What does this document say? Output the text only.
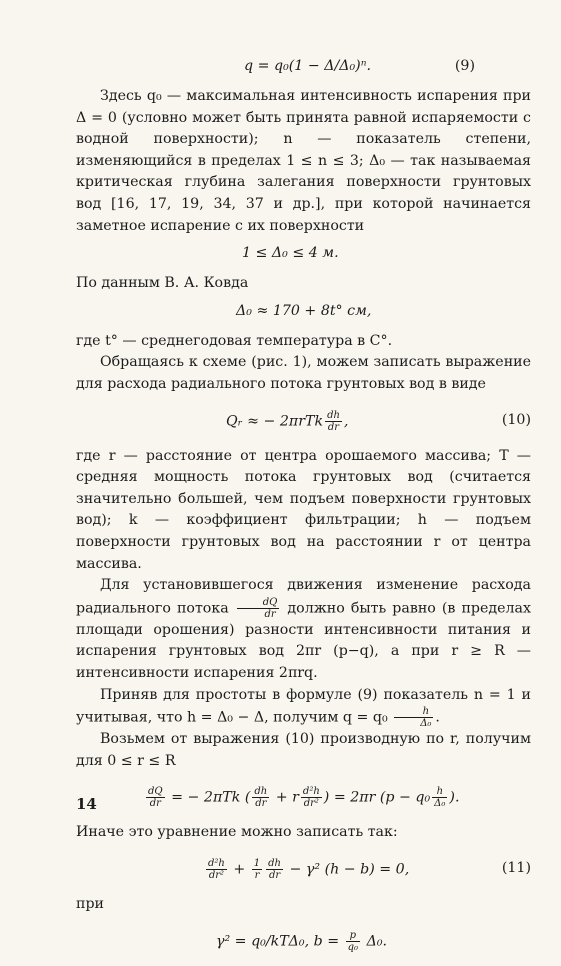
q = q₀(1 − Δ/Δ₀)ⁿ.	(9)

Здесь q₀ — максимальная интенсивность испарения при Δ = 0 (условно может быть принята равной испаряемости с водной поверхности); n — показатель степени, изменяющийся в пределах 1 ≤ n ≤ 3; Δ₀ — так называемая критическая глубина залегания поверхности грунтовых вод [16, 17, 19, 34, 37 и др.], при которой начинается заметное испарение с их поверхности

1 ≤ Δ₀ ≤ 4 м.

По данным В. А. Ковда

Δ₀ ≈ 170 + 8t° см,

где t° — среднегодовая температура в C°.

Обращаясь к схеме (рис. 1), можем записать выражение для расхода радиального потока грунтовых вод в виде

Qᵣ ≈ − $2\pi rTk \frac{dh}{dr}$ ,	(10)

где r — расстояние от центра орошаемого массива; T — средняя мощность потока грунтовых вод (считается значительно большей, чем подъем поверхности грунтовых вод); k — коэффициент фильтрации; h — подъем поверхности грунтовых вод на расстоянии r от центра массива.

Для установившегося движения изменение расхода радиального потока $\frac{dQ}{dr}$ должно быть равно (в пределах площади орошения) разности интенсивности питания и испарения грунтовых вод 2πr (p−q), а при r ≥ R — интенсивности испарения 2πrq.

Приняв для простоты в формуле (9) показатель n = 1 и учитывая, что h = Δ₀ − Δ, получим $q = q_0 \frac{h}{\text{Δ₀}}$ .

Возьмем от выражения (10) производную по r, получим для 0 ≤ r ≤ R

$\frac{dQ}{dr}$ = − 2πTk ( $\frac{dh}{dr} + r \frac{\text{d²h}}{\text{dr²}}$ ) = 2πr ($p - q_0 \frac{h}{\text{Δ₀}}$ ).

Иначе это уравнение можно записать так:

$\frac{\text{d²h}}{\text{dr²}} + \frac{1}{r} \frac{dh}{dr} - \gamma^2$ (h − b) = 0,	(11)

при

γ² = q₀/kTΔ₀, $b = \frac{p}{\text{q₀}} \Delta_0$.
14
